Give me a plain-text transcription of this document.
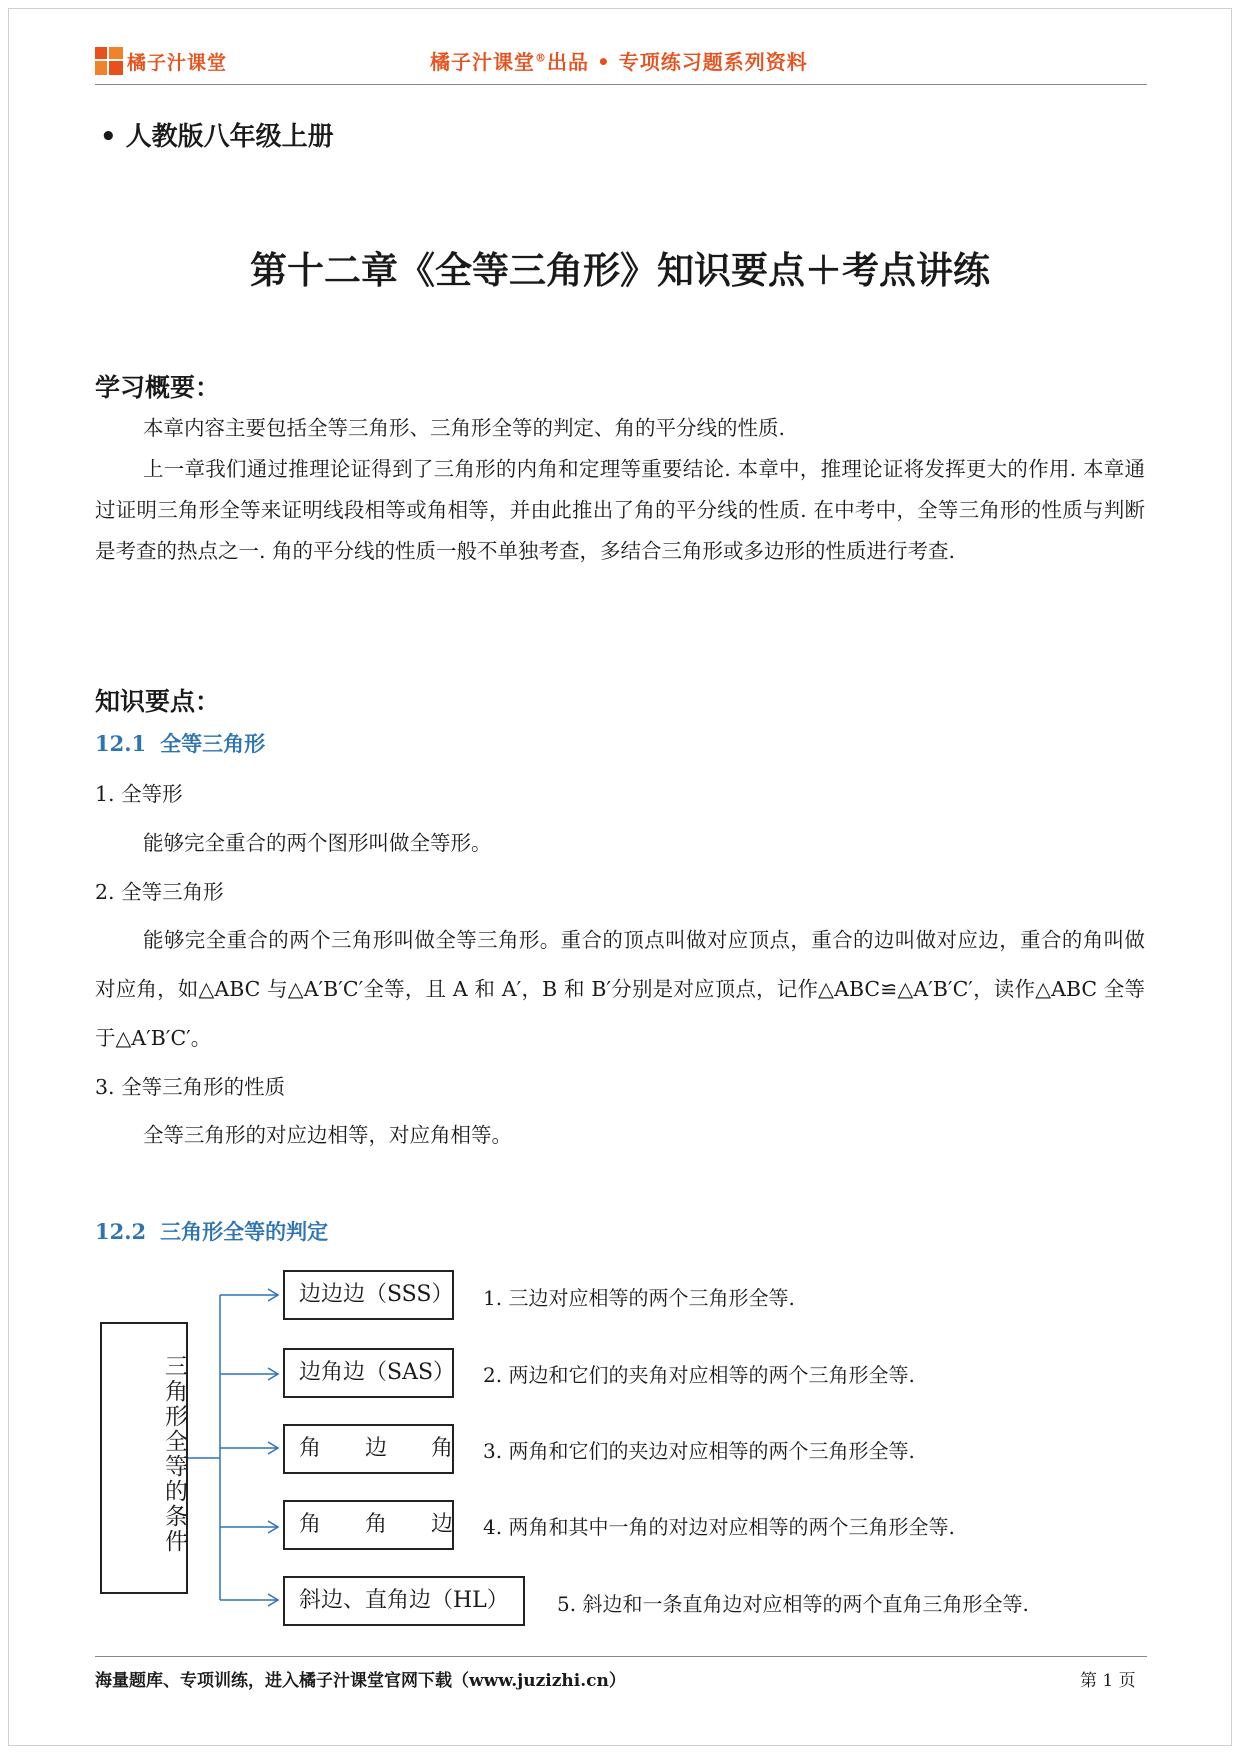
橘子汁课堂	橘子汁课堂®出品 • 专项练习题系列资料
• 人教版八年级上册
第十二章《全等三角形》知识要点＋考点讲练
学习概要：
本章内容主要包括全等三角形、三角形全等的判定、角的平分线的性质.
上一章我们通过推理论证得到了三角形的内角和定理等重要结论. 本章中，推理论证将发挥更大的作用. 本章通过证明三角形全等来证明线段相等或角相等，并由此推出了角的平分线的性质. 在中考中，全等三角形的性质与判断是考查的热点之一. 角的平分线的性质一般不单独考查，多结合三角形或多边形的性质进行考查.
知识要点：
12.1 全等三角形
1. 全等形
能够完全重合的两个图形叫做全等形。
2. 全等三角形
能够完全重合的两个三角形叫做全等三角形。重合的顶点叫做对应顶点，重合的边叫做对应边，重合的角叫做对应角，如△ABC 与△A′B′C′全等，且 A 和 A′，B 和 B′分别是对应顶点，记作△ABC≌△A′B′C′，读作△ABC 全等于△A′B′C′。
3. 全等三角形的性质
全等三角形的对应边相等，对应角相等。
12.2 三角形全等的判定
三角形全等的条件
边边边（SSS） 1. 三边对应相等的两个三角形全等.
边角边（SAS） 2. 两边和它们的夹角对应相等的两个三角形全等.
角　　边　　角 3. 两角和它们的夹边对应相等的两个三角形全等.
角　　角　　边 4. 两角和其中一角的对边对应相等的两个三角形全等.
斜边、直角边（HL）	5. 斜边和一条直角边对应相等的两个直角三角形全等.
海量题库、专项训练，进入橘子汁课堂官网下载（www.juzizhi.cn）	第 1 页
